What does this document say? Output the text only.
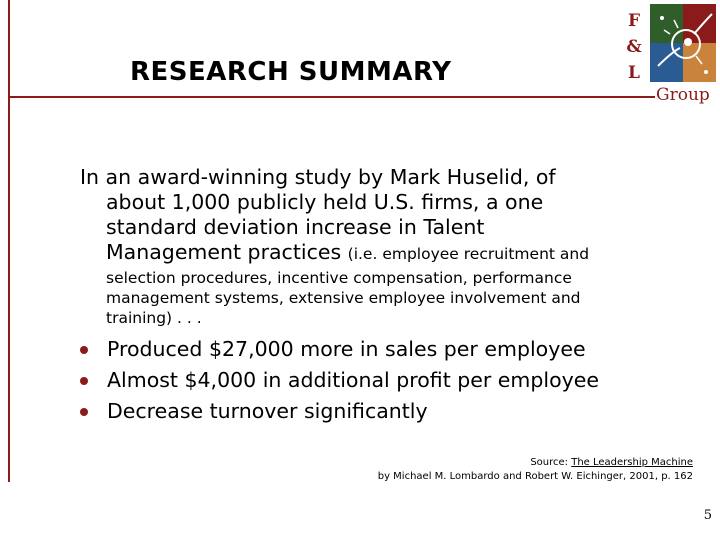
RESEARCH SUMMARY
F
&
L
Group
In an award-winning study by Mark Huselid, of
about 1,000 publicly held U.S. firms, a one
standard deviation increase in Talent
Management practices (i.e. employee recruitment and
selection procedures, incentive compensation, performance
management systems, extensive employee involvement and
training) . . .
Produced $27,000 more in sales per employee
Almost $4,000 in additional profit per employee
Decrease turnover significantly
Source: The Leadership Machine
by Michael M. Lombardo and Robert W. Eichinger, 2001, p. 162
5
